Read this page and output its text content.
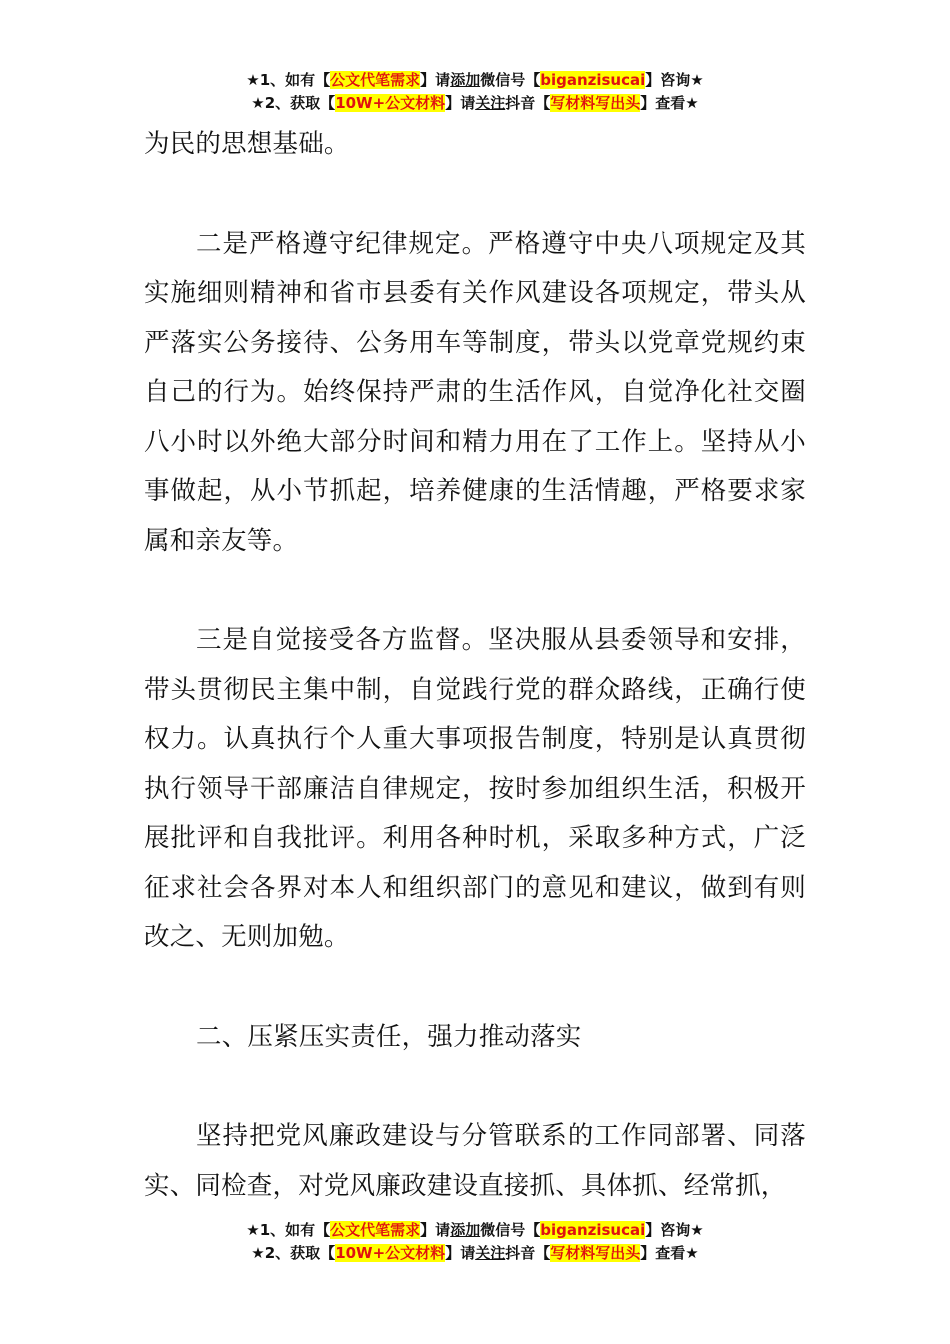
★1、如有【公文代笔需求】请添加微信号【biganzisucai】咨询★
★2、获取【10W+公文材料】请关注抖音【写材料写出头】查看★

为民的思想基础。

二是严格遵守纪律规定。严格遵守中央八项规定及其实施细则精神和省市县委有关作风建设各项规定，带头从严落实公务接待、公务用车等制度，带头以党章党规约束自己的行为。始终保持严肃的生活作风，自觉净化社交圈八小时以外绝大部分时间和精力用在了工作上。坚持从小事做起，从小节抓起，培养健康的生活情趣，严格要求家属和亲友等。

三是自觉接受各方监督。坚决服从县委领导和安排，带头贯彻民主集中制，自觉践行党的群众路线，正确行使权力。认真执行个人重大事项报告制度，特别是认真贯彻执行领导干部廉洁自律规定，按时参加组织生活，积极开展批评和自我批评。利用各种时机，采取多种方式，广泛征求社会各界对本人和组织部门的意见和建议，做到有则改之、无则加勉。

二、压紧压实责任，强力推动落实

坚持把党风廉政建设与分管联系的工作同部署、同落实、同检查，对党风廉政建设直接抓、具体抓、经常抓，

★1、如有【公文代笔需求】请添加微信号【biganzisucai】咨询★
★2、获取【10W+公文材料】请关注抖音【写材料写出头】查看★
